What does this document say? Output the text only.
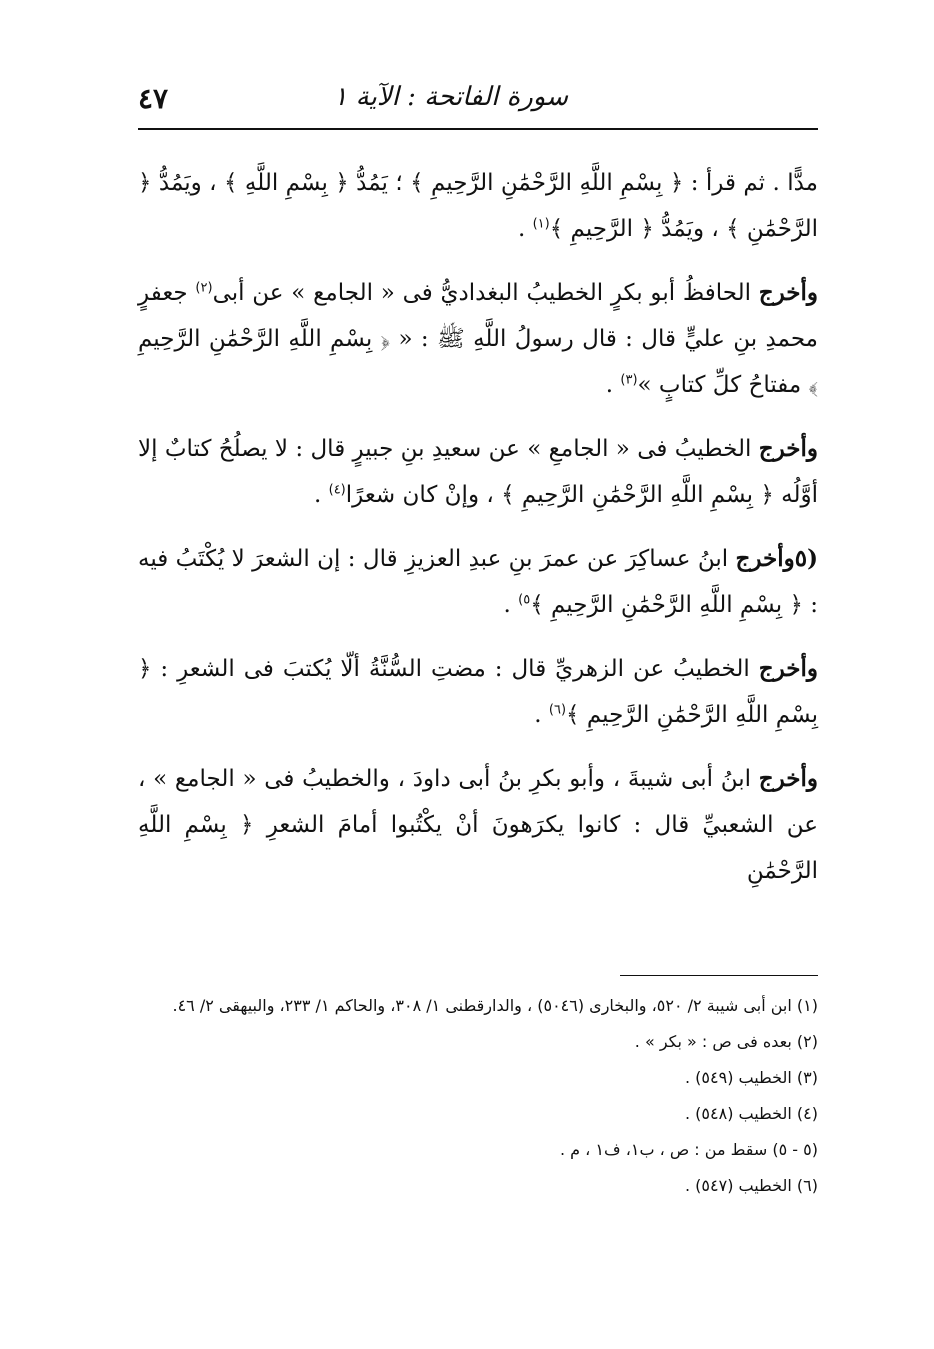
سورة الفاتحة : الآية ١
٤٧

مدًّا . ثم قرأ : ﴿ بِسْمِ اللَّهِ الرَّحْمَٰنِ الرَّحِيمِ ﴾ ؛ يَمُدُّ ﴿ بِسْمِ اللَّهِ ﴾ ، ويَمُدُّ ﴿ الرَّحْمَٰنِ ﴾ ، ويَمُدُّ ﴿ الرَّحِيمِ ﴾$^{(١)}$ .

وأخرج الحافظُ أبو بكرٍ الخطيبُ البغداديُّ فى « الجامع » عن أبى$^{(٢)}$ جعفرٍ محمدِ بنِ عليٍّ قال : قال رسولُ اللَّهِ ﷺ : « ﴿ بِسْمِ اللَّهِ الرَّحْمَٰنِ الرَّحِيمِ ﴾ مفتاحُ كلِّ كتابٍ »$^{(٣)}$ .

وأخرج الخطيبُ فى « الجامعِ » عن سعيدِ بنِ جبيرٍ قال : لا يصلُحُ كتابٌ إلا أوَّلُه ﴿ بِسْمِ اللَّهِ الرَّحْمَٰنِ الرَّحِيمِ ﴾ ، وإنْ كان شعرًا$^{(٤)}$ .

(٥وأخرج ابنُ عساكِرَ عن عمرَ بنِ عبدِ العزيزِ قال : إن الشعرَ لا يُكْتَبُ فيه : ﴿ بِسْمِ اللَّهِ الرَّحْمَٰنِ الرَّحِيمِ ﴾$^{٥)}$ .

وأخرج الخطيبُ عن الزهريِّ قال : مضتِ السُّنَّةُ ألّا يُكتبَ فى الشعرِ : ﴿ بِسْمِ اللَّهِ الرَّحْمَٰنِ الرَّحِيمِ ﴾$^{(٦)}$ .

وأخرج ابنُ أبى شيبةَ ، وأبو بكرِ بنُ أبى داودَ ، والخطيبُ فى « الجامع » ، عن الشعبيِّ قال : كانوا يكرَهونَ أنْ يكْتُبوا أمامَ الشعرِ ﴿ بِسْمِ اللَّهِ الرَّحْمَٰنِ

(١) ابن أبى شيبة ٢/ ٥٢٠، والبخارى (٥٠٤٦) ، والدارقطنى ١/ ٣٠٨، والحاكم ١/ ٢٣٣، والبيهقى ٢/ ٤٦.
(٢) بعده فى ص : « بكر » .
(٣) الخطيب (٥٤٩) .
(٤) الخطيب (٥٤٨) .
(٥ - ٥) سقط من : ص ، ب١، ف١ ، م .
(٦) الخطيب (٥٤٧) .
